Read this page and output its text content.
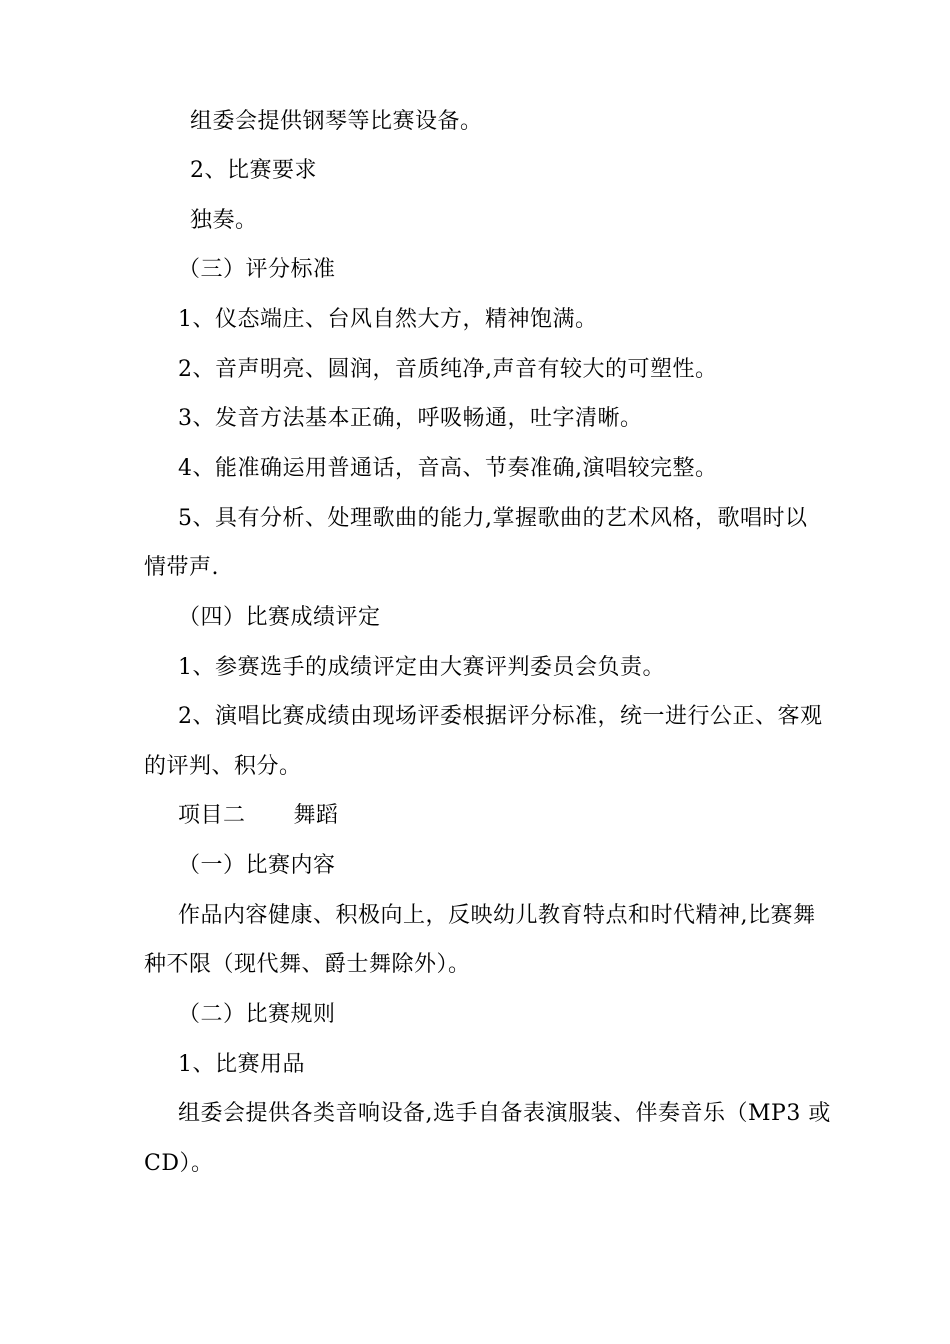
组委会提供钢琴等比赛设备。
2、比赛要求
独奏。
（三）评分标准
1、仪态端庄、台风自然大方，精神饱满。
2、音声明亮、圆润，音质纯净,声音有较大的可塑性。
3、发音方法基本正确，呼吸畅通，吐字清晰。
4、能准确运用普通话，音高、节奏准确,演唱较完整。
5、具有分析、处理歌曲的能力,掌握歌曲的艺术风格，歌唱时以
情带声.
（四）比赛成绩评定
1、参赛选手的成绩评定由大赛评判委员会负责。
2、演唱比赛成绩由现场评委根据评分标准，统一进行公正、客观
的评判、积分。
项目二 舞蹈
（一）比赛内容
作品内容健康、积极向上，反映幼儿教育特点和时代精神,比赛舞
种不限（现代舞、爵士舞除外）。
（二）比赛规则
1、比赛用品
组委会提供各类音响设备,选手自备表演服装、伴奏音乐（MP3 或
CD）。
